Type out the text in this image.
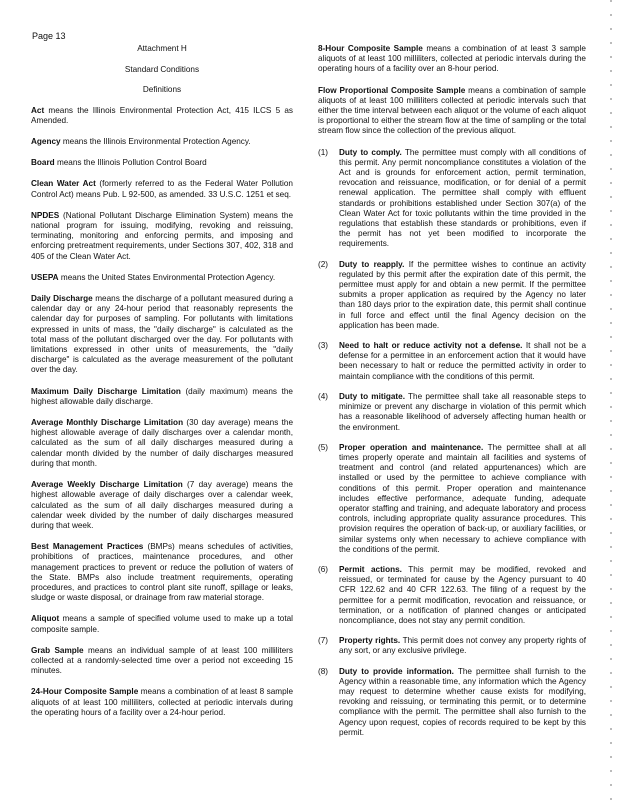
Page 13

Attachment H

Standard Conditions

Definitions

Act means the Illinois Environmental Protection Act, 415 ILCS 5 as Amended.

Agency means the Illinois Environmental Protection Agency.

Board means the Illinois Pollution Control Board

Clean Water Act (formerly referred to as the Federal Water Pollution Control Act) means Pub. L 92-500, as amended. 33 U.S.C. 1251 et seq.

NPDES (National Pollutant Discharge Elimination System) means the national program for issuing, modifying, revoking and reissuing, terminating, monitoring and enforcing permits, and imposing and enforcing pretreatment requirements, under Sections 307, 402, 318 and 405 of the Clean Water Act.

USEPA means the United States Environmental Protection Agency.

Daily Discharge means the discharge of a pollutant measured during a calendar day or any 24-hour period that reasonably represents the calendar day for purposes of sampling. For pollutants with limitations expressed in units of mass, the "daily discharge" is calculated as the total mass of the pollutant discharged over the day. For pollutants with limitations expressed in other units of measurements, the "daily discharge" is calculated as the average measurement of the pollutant over the day.

Maximum Daily Discharge Limitation (daily maximum) means the highest allowable daily discharge.

Average Monthly Discharge Limitation (30 day average) means the highest allowable average of daily discharges over a calendar month, calculated as the sum of all daily discharges measured during a calendar month divided by the number of daily discharges measured during that month.

Average Weekly Discharge Limitation (7 day average) means the highest allowable average of daily discharges over a calendar week, calculated as the sum of all daily discharges measured during a calendar week divided by the number of daily discharges measured during that week.

Best Management Practices (BMPs) means schedules of activities, prohibitions of practices, maintenance procedures, and other management practices to prevent or reduce the pollution of waters of the State. BMPs also include treatment requirements, operating procedures, and practices to control plant site runoff, spillage or leaks, sludge or waste disposal, or drainage from raw material storage.

Aliquot means a sample of specified volume used to make up a total composite sample.

Grab Sample means an individual sample of at least 100 milliliters collected at a randomly-selected time over a period not exceeding 15 minutes.

24-Hour Composite Sample means a combination of at least 8 sample aliquots of at least 100 milliliters, collected at periodic intervals during the operating hours of a facility over a 24-hour period.

8-Hour Composite Sample means a combination of at least 3 sample aliquots of at least 100 milliliters, collected at periodic intervals during the operating hours of a facility over an 8-hour period.

Flow Proportional Composite Sample means a combination of sample aliquots of at least 100 milliliters collected at periodic intervals such that either the time interval between each aliquot or the volume of each aliquot is proportional to either the stream flow at the time of sampling or the total stream flow since the collection of the previous aliquot.

(1)	Duty to comply. The permittee must comply with all conditions of this permit. Any permit noncompliance constitutes a violation of the Act and is grounds for enforcement action, permit termination, revocation and reissuance, modification, or for denial of a permit renewal application. The permittee shall comply with effluent standards or prohibitions established under Section 307(a) of the Clean Water Act for toxic pollutants within the time provided in the regulations that establish these standards or prohibitions, even if the permit has not yet been modified to incorporate the requirements.
(2)	Duty to reapply. If the permittee wishes to continue an activity regulated by this permit after the expiration date of this permit, the permittee must apply for and obtain a new permit. If the permittee submits a proper application as required by the Agency no later than 180 days prior to the expiration date, this permit shall continue in full force and effect until the final Agency decision on the application has been made.
(3)	Need to halt or reduce activity not a defense. It shall not be a defense for a permittee in an enforcement action that it would have been necessary to halt or reduce the permitted activity in order to maintain compliance with the conditions of this permit.
(4)	Duty to mitigate. The permittee shall take all reasonable steps to minimize or prevent any discharge in violation of this permit which has a reasonable likelihood of adversely affecting human health or the environment.
(5)	Proper operation and maintenance. The permittee shall at all times properly operate and maintain all facilities and systems of treatment and control (and related appurtenances) which are installed or used by the permittee to achieve compliance with conditions of this permit. Proper operation and maintenance includes effective performance, adequate funding, adequate operator staffing and training, and adequate laboratory and process controls, including appropriate quality assurance procedures. This provision requires the operation of back-up, or auxiliary facilities, or similar systems only when necessary to achieve compliance with the conditions of the permit.
(6)	Permit actions. This permit may be modified, revoked and reissued, or terminated for cause by the Agency pursuant to 40 CFR 122.62 and 40 CFR 122.63. The filing of a request by the permittee for a permit modification, revocation and reissuance, or termination, or a notification of planned changes or anticipated noncompliance, does not stay any permit condition.
(7)	Property rights. This permit does not convey any property rights of any sort, or any exclusive privilege.
(8)	Duty to provide information. The permittee shall furnish to the Agency within a reasonable time, any information which the Agency may request to determine whether cause exists for modifying, revoking and reissuing, or terminating this permit, or to determine compliance with the permit. The permittee shall also furnish to the Agency upon request, copies of records required to be kept by this permit.
